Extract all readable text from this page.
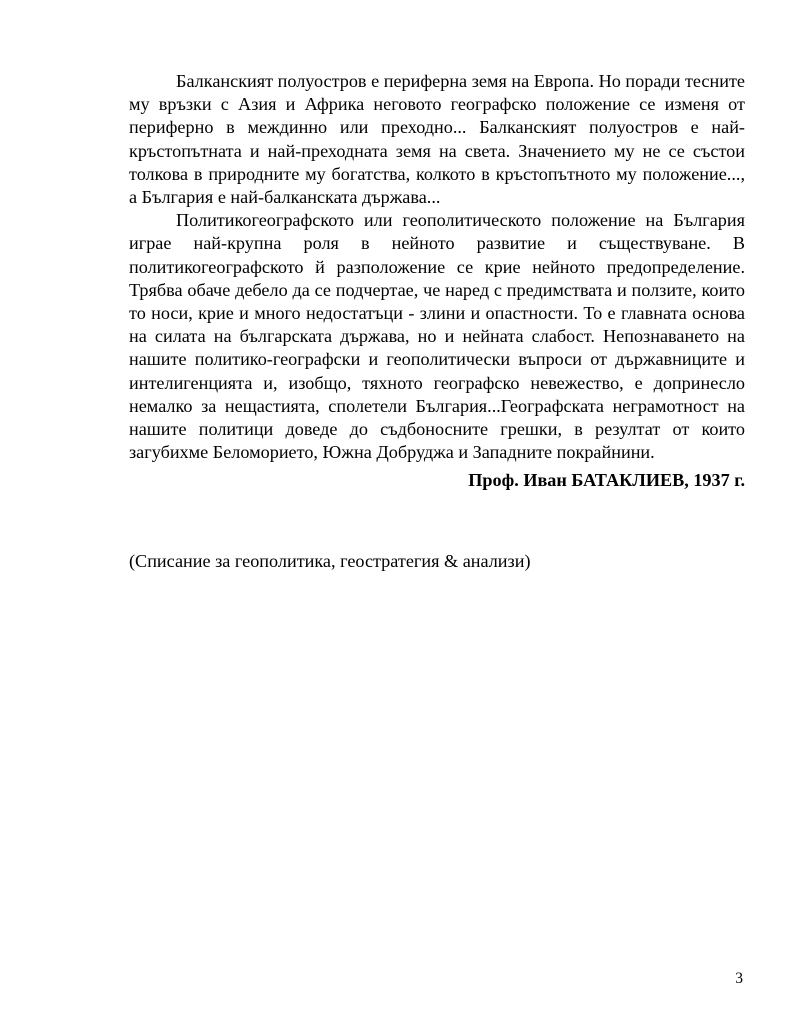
Балканският полуостров е периферна земя на Европа. Но поради тесните му връзки с Азия и Африка неговото географско положение се изменя от периферно в междинно или преходно... Балканският полуостров е най-кръстопътната и най-преходната земя на света. Значението му не се състои толкова в природните му богатства, колкото в кръстопътното му положение..., а България е най-балканската държава...

Политикогеографското или геополитическото положение на България играе най-крупна роля в нейното развитие и съществуване. В политикогеографското й разположение се крие нейното предопределение. Трябва обаче дебело да се подчертае, че наред с предимствата и ползите, които то носи, крие и много недостатъци - злини и опастности. То е главната основа на силата на българската държава, но и нейната слабост. Непознаването на нашите политико-географски и геополитически въпроси от държавниците и интелигенцията и, изобщо, тяхното географско невежество, е допринесло немалко за нещастията, сполетели България...Географската неграмотност на нашите политици доведе до съдбоносните грешки, в резултат от които загубихме Беломорието, Южна Добруджа и Западните покрайнини.

Проф. Иван БАТАКЛИЕВ, 1937 г.
(Списание за геополитика, геостратегия & анализи)
3
